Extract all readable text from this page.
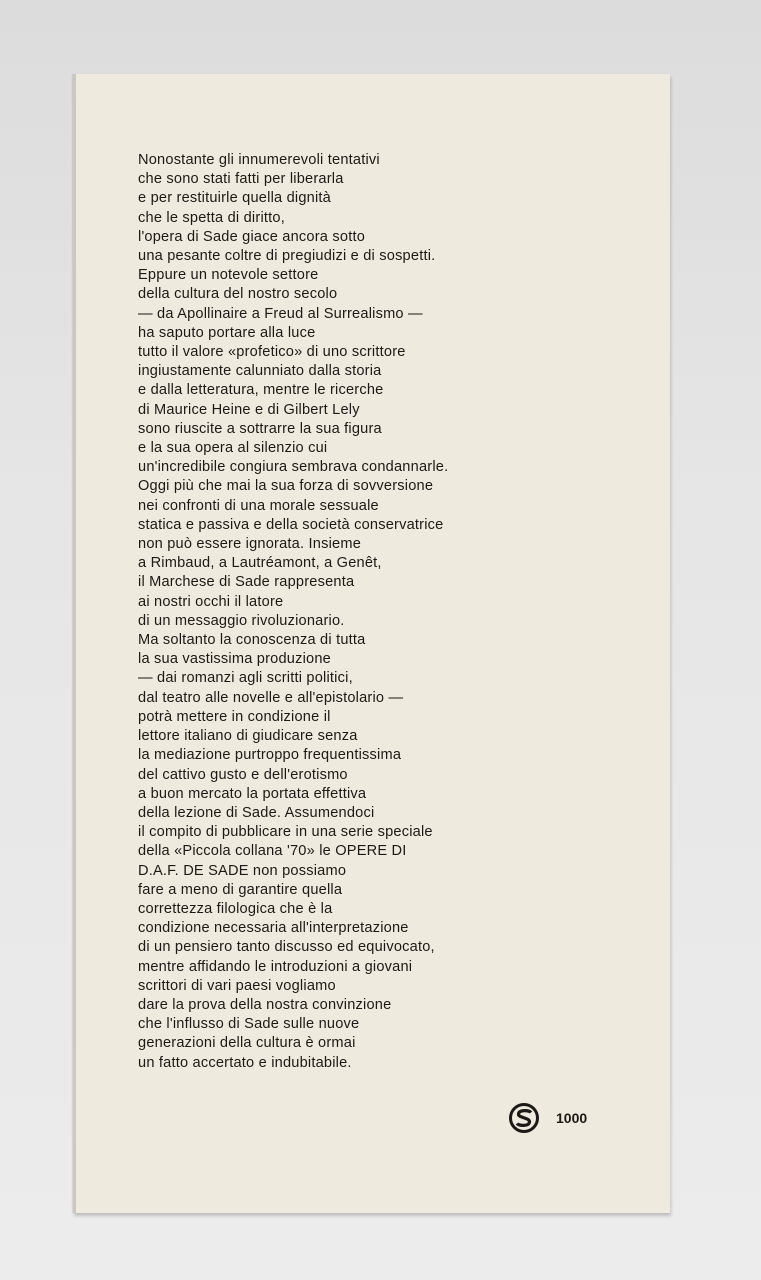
Nonostante gli innumerevoli tentativi
che sono stati fatti per liberarla
e per restituirle quella dignità
che le spetta di diritto,
l'opera di Sade giace ancora sotto
una pesante coltre di pregiudizi e di sospetti.
Eppure un notevole settore
della cultura del nostro secolo
— da Apollinaire a Freud al Surrealismo —
ha saputo portare alla luce
tutto il valore «profetico» di uno scrittore
ingiustamente calunniato dalla storia
e dalla letteratura, mentre le ricerche
di Maurice Heine e di Gilbert Lely
sono riuscite a sottrarre la sua figura
e la sua opera al silenzio cui
un'incredibile congiura sembrava condannarle.
Oggi più che mai la sua forza di sovversione
nei confronti di una morale sessuale
statica e passiva e della società conservatrice
non può essere ignorata. Insieme
a Rimbaud, a Lautréamont, a Genêt,
il Marchese di Sade rappresenta
ai nostri occhi il latore
di un messaggio rivoluzionario.
Ma soltanto la conoscenza di tutta
la sua vastissima produzione
— dai romanzi agli scritti politici,
dal teatro alle novelle e all'epistolario —
potrà mettere in condizione il
lettore italiano di giudicare senza
la mediazione purtroppo frequentissima
del cattivo gusto e dell'erotismo
a buon mercato la portata effettiva
della lezione di Sade. Assumendoci
il compito di pubblicare in una serie speciale
della «Piccola collana '70» le OPERE DI
D.A.F. DE SADE non possiamo
fare a meno di garantire quella
correttezza filologica che è la
condizione necessaria all'interpretazione
di un pensiero tanto discusso ed equivocato,
mentre affidando le introduzioni a giovani
scrittori di vari paesi vogliamo
dare la prova della nostra convinzione
che l'influsso di Sade sulle nuove
generazioni della cultura è ormai
un fatto accertato e indubitabile.
1000
